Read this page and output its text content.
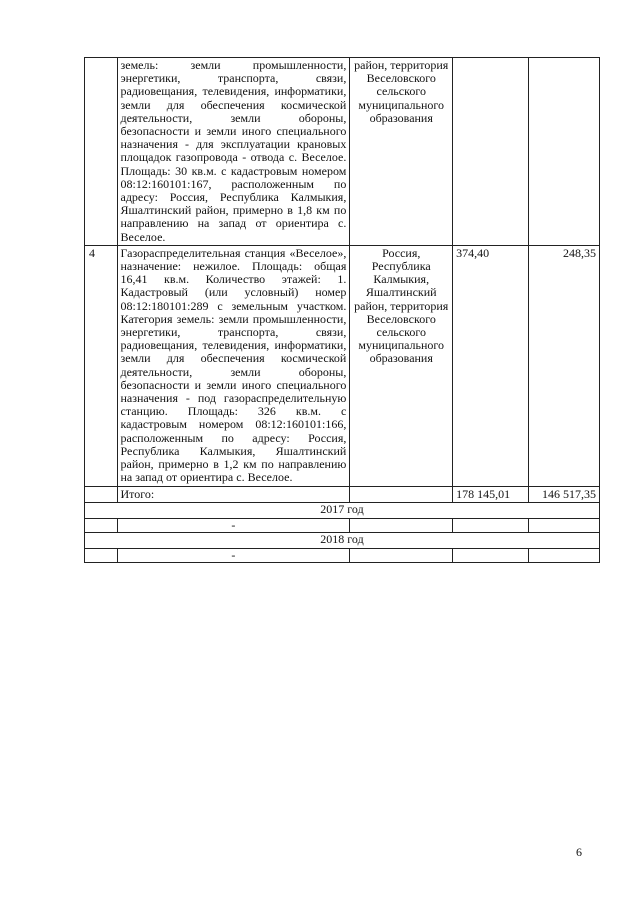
	земель: земли промышленности, энергетики, транспорта, связи, радиовещания, телевидения, информатики, земли для обеспечения космической деятельности, земли обороны, безопасности и земли иного специального назначения - для эксплуатации крановых площадок газопровода - отвода с. Веселое. Площадь: 30 кв.м. с кадастровым номером 08:12:160101:167, расположенным по адресу: Россия, Республика Калмыкия, Яшалтинский район, примерно в 1,8 км по направлению на запад от ориентира с. Веселое.	район, территория Веселовского сельского муниципального образования		
4	Газораспределительная станция «Веселое», назначение: нежилое. Площадь: общая 16,41 кв.м. Количество этажей: 1. Кадастровый (или условный) номер 08:12:180101:289 с земельным участком. Категория земель: земли промышленности, энергетики, транспорта, связи, радиовещания, телевидения, информатики, земли для обеспечения космической деятельности, земли обороны, безопасности и земли иного специального назначения - под газораспределительную станцию. Площадь: 326 кв.м. с кадастровым номером 08:12:160101:166, расположенным по адресу: Россия, Республика Калмыкия, Яшалтинский район, примерно в 1,2 км по направлению на запад от ориентира с. Веселое.	Россия, Республика Калмыкия, Яшалтинский район, территория Веселовского сельского муниципального образования	374,40	248,35
	Итого:		178 145,01	146 517,35
2017 год				
	-			
2018 год				
	-			
6
